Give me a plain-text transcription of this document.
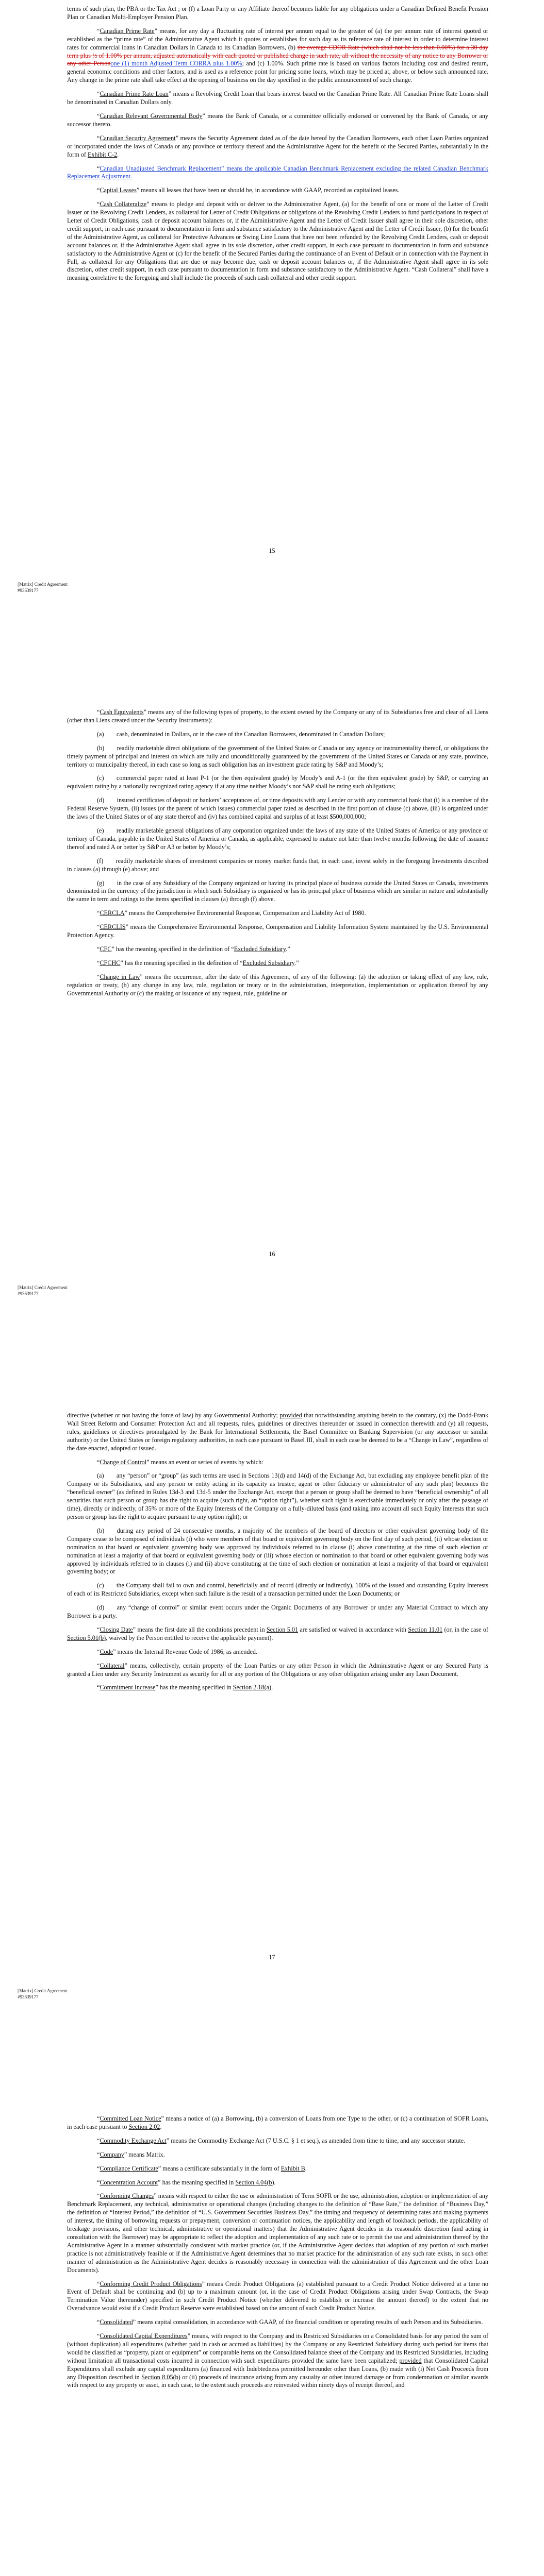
terms of such plan, the PBA or the Tax Act ; or (f) a Loan Party or any Affiliate thereof becomes liable for any obligations under a Canadian Defined Benefit Pension Plan or Canadian Multi-Employer Pension Plan.

“Canadian Prime Rate” means, for any day a fluctuating rate of interest per annum equal to the greater of (a) the per annum rate of interest quoted or established as the “prime rate” of the Administrative Agent which it quotes or establishes for such day as its reference rate of interest in order to determine interest rates for commercial loans in Canadian Dollars in Canada to its Canadian Borrowers, (b) the average CDOR Rate (which shall not be less than 0.00%) for a 30 day term plus ½ of 1.00% per annum, adjusted automatically with each quoted or published change in such rate, all without the necessity of any notice to any Borrower or any other Personone (1) month Adjusted Term CORRA plus 1.00%; and (c) 1.00%. Such prime rate is based on various factors including cost and desired return, general economic conditions and other factors, and is used as a reference point for pricing some loans, which may be priced at, above, or below such announced rate. Any change in the prime rate shall take effect at the opening of business on the day specified in the public announcement of such change.

“Canadian Prime Rate Loan” means a Revolving Credit Loan that bears interest based on the Canadian Prime Rate. All Canadian Prime Rate Loans shall be denominated in Canadian Dollars only.

“Canadian Relevant Governmental Body” means the Bank of Canada, or a committee officially endorsed or convened by the Bank of Canada, or any successor thereto.

“Canadian Security Agreement” means the Security Agreement dated as of the date hereof by the Canadian Borrowers, each other Loan Parties organized or incorporated under the laws of Canada or any province or territory thereof and the Administrative Agent for the benefit of the Secured Parties, substantially in the form of Exhibit C-2.

“Canadian Unadjusted Benchmark Replacement” means the applicable Canadian Benchmark Replacement excluding the related Canadian Benchmark Replacement Adjustment.

“Capital Leases” means all leases that have been or should be, in accordance with GAAP, recorded as capitalized leases.

“Cash Collateralize” means to pledge and deposit with or deliver to the Administrative Agent, (a) for the benefit of one or more of the Letter of Credit Issuer or the Revolving Credit Lenders, as collateral for Letter of Credit Obligations or obligations of the Revolving Credit Lenders to fund participations in respect of Letter of Credit Obligations, cash or deposit account balances or, if the Administrative Agent and the Letter of Credit Issuer shall agree in their sole discretion, other credit support, in each case pursuant to documentation in form and substance satisfactory to the Administrative Agent and the Letter of Credit Issuer, (b) for the benefit of the Administrative Agent, as collateral for Protective Advances or Swing Line Loans that have not been refunded by the Revolving Credit Lenders, cash or deposit account balances or, if the Administrative Agent shall agree in its sole discretion, other credit support, in each case pursuant to documentation in form and substance satisfactory to the Administrative Agent or (c) for the benefit of the Secured Parties during the continuance of an Event of Default or in connection with the Payment in Full, as collateral for any Obligations that are due or may become due, cash or deposit account balances or, if the Administrative Agent shall agree in its sole discretion, other credit support, in each case pursuant to documentation in form and substance satisfactory to the Administrative Agent. “Cash Collateral” shall have a meaning correlative to the foregoing and shall include the proceeds of such cash collateral and other credit support.

15
[Matrix] Credit Agreement
#93639177

“Cash Equivalents” means any of the following types of property, to the extent owned by the Company or any of its Subsidiaries free and clear of all Liens (other than Liens created under the Security Instruments):

(a)  cash, denominated in Dollars, or in the case of the Canadian Borrowers, denominated in Canadian Dollars;

(b)  readily marketable direct obligations of the government of the United States or Canada or any agency or instrumentality thereof, or obligations the timely payment of principal and interest on which are fully and unconditionally guaranteed by the government of the United States or Canada or any state, province, territory or municipality thereof, in each case so long as such obligation has an investment grade rating by S&P and Moody’s;

(c)  commercial paper rated at least P-1 (or the then equivalent grade) by Moody’s and A-1 (or the then equivalent grade) by S&P, or carrying an equivalent rating by a nationally recognized rating agency if at any time neither Moody’s nor S&P shall be rating such obligations;

(d)  insured certificates of deposit or bankers’ acceptances of, or time deposits with any Lender or with any commercial bank that (i) is a member of the Federal Reserve System, (ii) issues (or the parent of which issues) commercial paper rated as described in the first portion of clause (c) above, (iii) is organized under the laws of the United States or of any state thereof and (iv) has combined capital and surplus of at least $500,000,000;

(e)  readily marketable general obligations of any corporation organized under the laws of any state of the United States of America or any province or territory of Canada, payable in the United States of America or Canada, as applicable, expressed to mature not later than twelve months following the date of issuance thereof and rated A or better by S&P or A3 or better by Moody’s;

(f)  readily marketable shares of investment companies or money market funds that, in each case, invest solely in the foregoing Investments described in clauses (a) through (e) above; and

(g)  in the case of any Subsidiary of the Company organized or having its principal place of business outside the United States or Canada, investments denominated in the currency of the jurisdiction in which such Subsidiary is organized or has its principal place of business which are similar in nature and substantially the same in term and ratings to the items specified in clauses (a) through (f) above.

“CERCLA” means the Comprehensive Environmental Response, Compensation and Liability Act of 1980.

“CERCLIS” means the Comprehensive Environmental Response, Compensation and Liability Information System maintained by the U.S. Environmental Protection Agency.

“CFC” has the meaning specified in the definition of “Excluded Subsidiary.”

“CFCHC” has the meaning specified in the definition of “Excluded Subsidiary.”

“Change in Law” means the occurrence, after the date of this Agreement, of any of the following: (a) the adoption or taking effect of any law, rule, regulation or treaty, (b) any change in any law, rule, regulation or treaty or in the administration, interpretation, implementation or application thereof by any Governmental Authority or (c) the making or issuance of any request, rule, guideline or

16
[Matrix] Credit Agreement
#93639177

directive (whether or not having the force of law) by any Governmental Authority; provided that notwithstanding anything herein to the contrary, (x) the Dodd-Frank Wall Street Reform and Consumer Protection Act and all requests, rules, guidelines or directives thereunder or issued in connection therewith and (y) all requests, rules, guidelines or directives promulgated by the Bank for International Settlements, the Basel Committee on Banking Supervision (or any successor or similar authority) or the United States or foreign regulatory authorities, in each case pursuant to Basel III, shall in each case be deemed to be a “Change in Law”, regardless of the date enacted, adopted or issued.

“Change of Control” means an event or series of events by which:

(a)  any “person” or “group” (as such terms are used in Sections 13(d) and 14(d) of the Exchange Act, but excluding any employee benefit plan of the Company or its Subsidiaries, and any person or entity acting in its capacity as trustee, agent or other fiduciary or administrator of any such plan) becomes the “beneficial owner” (as defined in Rules 13d-3 and 13d-5 under the Exchange Act, except that a person or group shall be deemed to have “beneficial ownership” of all securities that such person or group has the right to acquire (such right, an “option right”), whether such right is exercisable immediately or only after the passage of time), directly or indirectly, of 35% or more of the Equity Interests of the Company on a fully-diluted basis (and taking into account all such Equity Interests that such person or group has the right to acquire pursuant to any option right); or

(b)  during any period of 24 consecutive months, a majority of the members of the board of directors or other equivalent governing body of the Company cease to be composed of individuals (i) who were members of that board or equivalent governing body on the first day of such period, (ii) whose election or nomination to that board or equivalent governing body was approved by individuals referred to in clause (i) above constituting at the time of such election or nomination at least a majority of that board or equivalent governing body or (iii) whose election or nomination to that board or other equivalent governing body was approved by individuals referred to in clauses (i) and (ii) above constituting at the time of such election or nomination at least a majority of that board or equivalent governing body; or

(c)  the Company shall fail to own and control, beneficially and of record (directly or indirectly), 100% of the issued and outstanding Equity Interests of each of its Restricted Subsidiaries, except when such failure is the result of a transaction permitted under the Loan Documents; or

(d)  any “change of control” or similar event occurs under the Organic Documents of any Borrower or under any Material Contract to which any Borrower is a party.

“Closing Date” means the first date all the conditions precedent in Section 5.01 are satisfied or waived in accordance with Section 11.01 (or, in the case of Section 5.01(b), waived by the Person entitled to receive the applicable payment).

“Code” means the Internal Revenue Code of 1986, as amended.

“Collateral” means, collectively, certain property of the Loan Parties or any other Person in which the Administrative Agent or any Secured Party is granted a Lien under any Security Instrument as security for all or any portion of the Obligations or any other obligation arising under any Loan Document.

“Commitment Increase” has the meaning specified in Section 2.18(a).

17
[Matrix] Credit Agreement
#93639177

“Committed Loan Notice” means a notice of (a) a Borrowing, (b) a conversion of Loans from one Type to the other, or (c) a continuation of SOFR Loans, in each case pursuant to Section 2.02.

“Commodity Exchange Act” means the Commodity Exchange Act (7 U.S.C. § 1 et seq.), as amended from time to time, and any successor statute.

“Company” means Matrix.

“Compliance Certificate” means a certificate substantially in the form of Exhibit B.

“Concentration Account” has the meaning specified in Section 4.04(b).

“Conforming Changes” means with respect to either the use or administration of Term SOFR or the use, administration, adoption or implementation of any Benchmark Replacement, any technical, administrative or operational changes (including changes to the definition of “Base Rate,” the definition of “Business Day,” the definition of “Interest Period,” the definition of “U.S. Government Securities Business Day,” the timing and frequency of determining rates and making payments of interest, the timing of borrowing requests or prepayment, conversion or continuation notices, the applicability and length of lookback periods, the applicability of breakage provisions, and other technical, administrative or operational matters) that the Administrative Agent decides in its reasonable discretion (and acting in consultation with the Borrower) may be appropriate to reflect the adoption and implementation of any such rate or to permit the use and administration thereof by the Administrative Agent in a manner substantially consistent with market practice (or, if the Administrative Agent decides that adoption of any portion of such market practice is not administratively feasible or if the Administrative Agent determines that no market practice for the administration of any such rate exists, in such other manner of administration as the Administrative Agent decides is reasonably necessary in connection with the administration of this Agreement and the other Loan Documents).

“Conforming Credit Product Obligations” means Credit Product Obligations (a) established pursuant to a Credit Product Notice delivered at a time no Event of Default shall be continuing and (b) up to a maximum amount (or, in the case of Credit Product Obligations arising under Swap Contracts, the Swap Termination Value thereunder) specified in such Credit Product Notice (whether delivered to establish or increase the amount thereof) to the extent that no Overadvance would exist if a Credit Product Reserve were established based on the amount of such Credit Product Notice.

“Consolidated” means capital consolidation, in accordance with GAAP, of the financial condition or operating results of such Person and its Subsidiaries.

“Consolidated Capital Expenditures” means, with respect to the Company and its Restricted Subsidiaries on a Consolidated basis for any period the sum of (without duplication) all expenditures (whether paid in cash or accrued as liabilities) by the Company or any Restricted Subsidiary during such period for items that would be classified as “property, plant or equipment” or comparable items on the Consolidated balance sheet of the Company and its Restricted Subsidiaries, including without limitation all transactional costs incurred in connection with such expenditures provided the same have been capitalized; provided that Consolidated Capital Expenditures shall exclude any capital expenditures (a) financed with Indebtedness permitted hereunder other than Loans, (b) made with (i) Net Cash Proceeds from any Disposition described in Section 8.05(b) or (ii) proceeds of insurance arising from any casualty or other insured damage or from condemnation or similar awards with respect to any property or asset, in each case, to the extent such proceeds are reinvested within ninety days of receipt thereof, and
